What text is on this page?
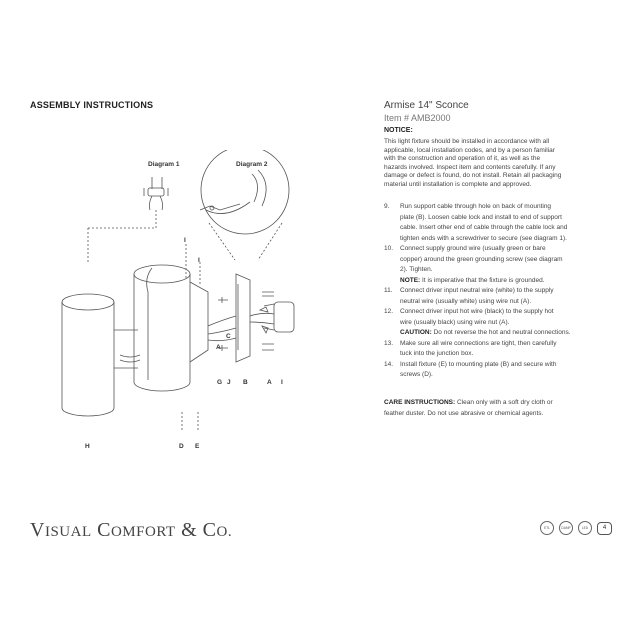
ASSEMBLY INSTRUCTIONS	Armise 14" Sconce
Item # AMB2000
NOTICE:
This light fixture should be installed in accordance with all
applicable, local installation codes, and by a person familiar
with the construction and operation of it, as well as the
hazards involved. Inspect item and contents carefully. If any
damage or defect is found, do not install. Retain all packaging
material until installation is complete and approved.
9. Run support cable through hole on back of mounting
plate (B). Loosen cable lock and install to end of support
cable. Insert other end of cable through the cable lock and
tighten ends with a screwdriver to secure (see diagram 1).
10. Connect supply ground wire (usually green or bare
copper) around the green grounding screw (see diagram
2). Tighten.
NOTE: It is imperative that the fixture is grounded.
11. Connect driver input neutral wire (white) to the supply
neutral wire (usually white) using wire nut (A).
12. Connect driver input hot wire (black) to the supply hot
wire (usually black) using wire nut (A).
CAUTION: Do not reverse the hot and neutral connections.
13. Make sure all wire connections are tight, then carefully
tuck into the junction box.
14. Install fixture (E) to mounting plate (B) and secure with
screws (D).
CARE INSTRUCTIONS: Clean only with a soft dry cloth or
feather duster. Do not use abrasive or chemical agents.
Diagram 1	Diagram 2
I
I
C
A
G J B	A I
H	D E
VISUAL COMFORT & CO.	ETL	DAMP	LED	4
